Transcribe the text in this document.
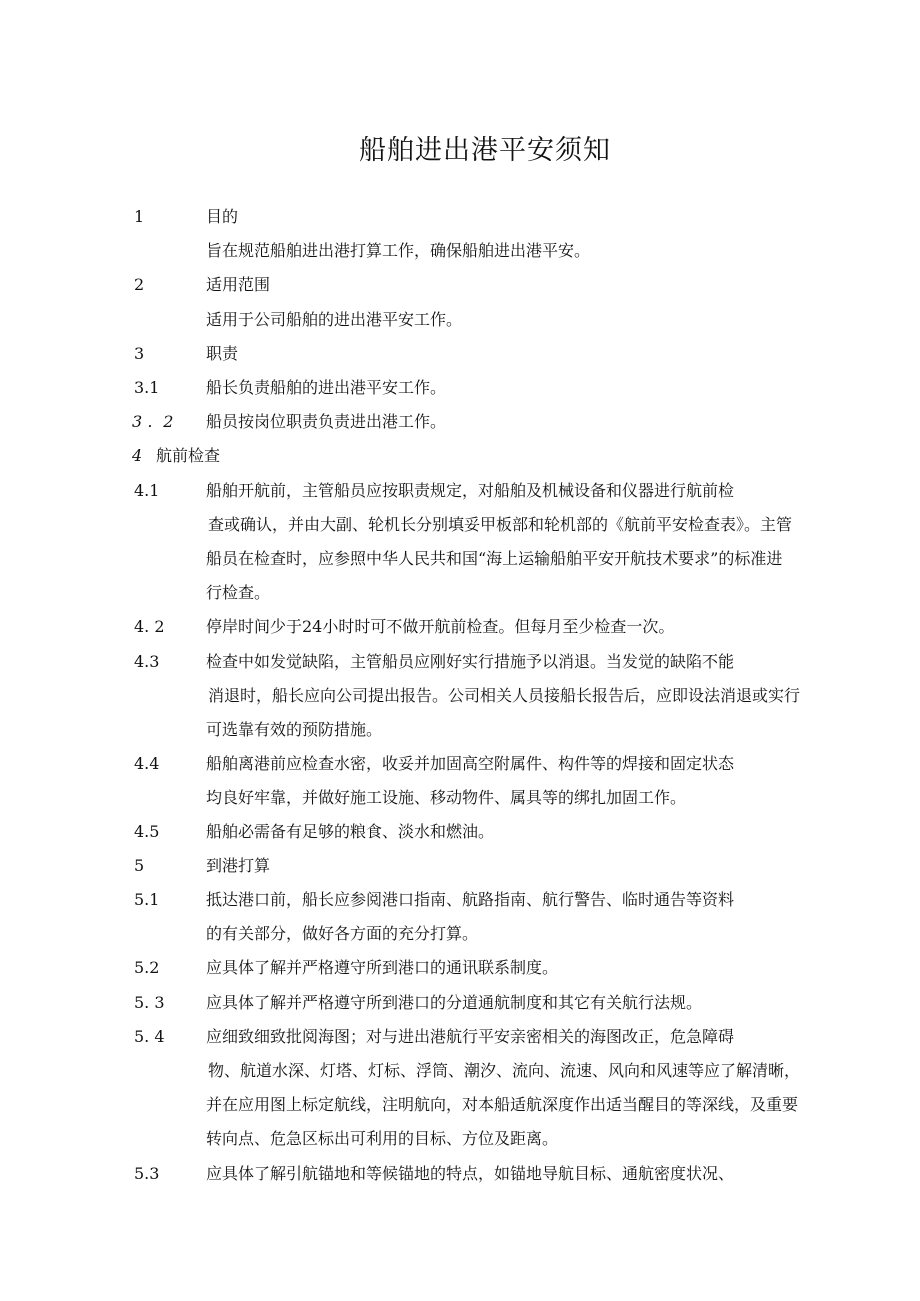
船舶进出港平安须知
1	目的
旨在规范船舶进出港打算工作，确保船舶进出港平安。
2	适用范围
适用于公司船舶的进出港平安工作。
3	职责
3.1	船长负责船舶的进出港平安工作。
3 ．2 船员按岗位职责负责进出港工作。
4 航前检查
4.1	船舶开航前，主管船员应按职责规定，对船舶及机械设备和仪器进行航前检
查或确认，并由大副、轮机长分别填妥甲板部和轮机部的《航前平安检查表》。主管
船员在检查时，应参照中华人民共和国“海上运输船舶平安开航技术要求”的标准进
行检查。
4. 2	停岸时间少于24小时时可不做开航前检查。但每月至少检查一次。
4.3	检查中如发觉缺陷，主管船员应刚好实行措施予以消退。当发觉的缺陷不能
消退时，船长应向公司提出报告。公司相关人员接船长报告后，应即设法消退或实行
可选靠有效的预防措施。
4.4	船舶离港前应检查水密，收妥并加固高空附属件、构件等的焊接和固定状态
均良好牢靠，并做好施工设施、移动物件、属具等的绑扎加固工作。
4.5	船舶必需备有足够的粮食、淡水和燃油。
5	到港打算
5.1	抵达港口前，船长应参阅港口指南、航路指南、航行警告、临时通告等资料
的有关部分，做好各方面的充分打算。
5.2	应具体了解并严格遵守所到港口的通讯联系制度。
5. 3	应具体了解并严格遵守所到港口的分道通航制度和其它有关航行法规。
5. 4	应细致细致批阅海图；对与进出港航行平安亲密相关的海图改正，危急障碍
物、航道水深、灯塔、灯标、浮筒、潮汐、流向、流速、风向和风速等应了解清晰，
并在应用图上标定航线，注明航向，对本船适航深度作出适当醒目的等深线，及重要
转向点、危急区标出可利用的目标、方位及距离。
5.3	应具体了解引航锚地和等候锚地的特点，如锚地导航目标、通航密度状况、
